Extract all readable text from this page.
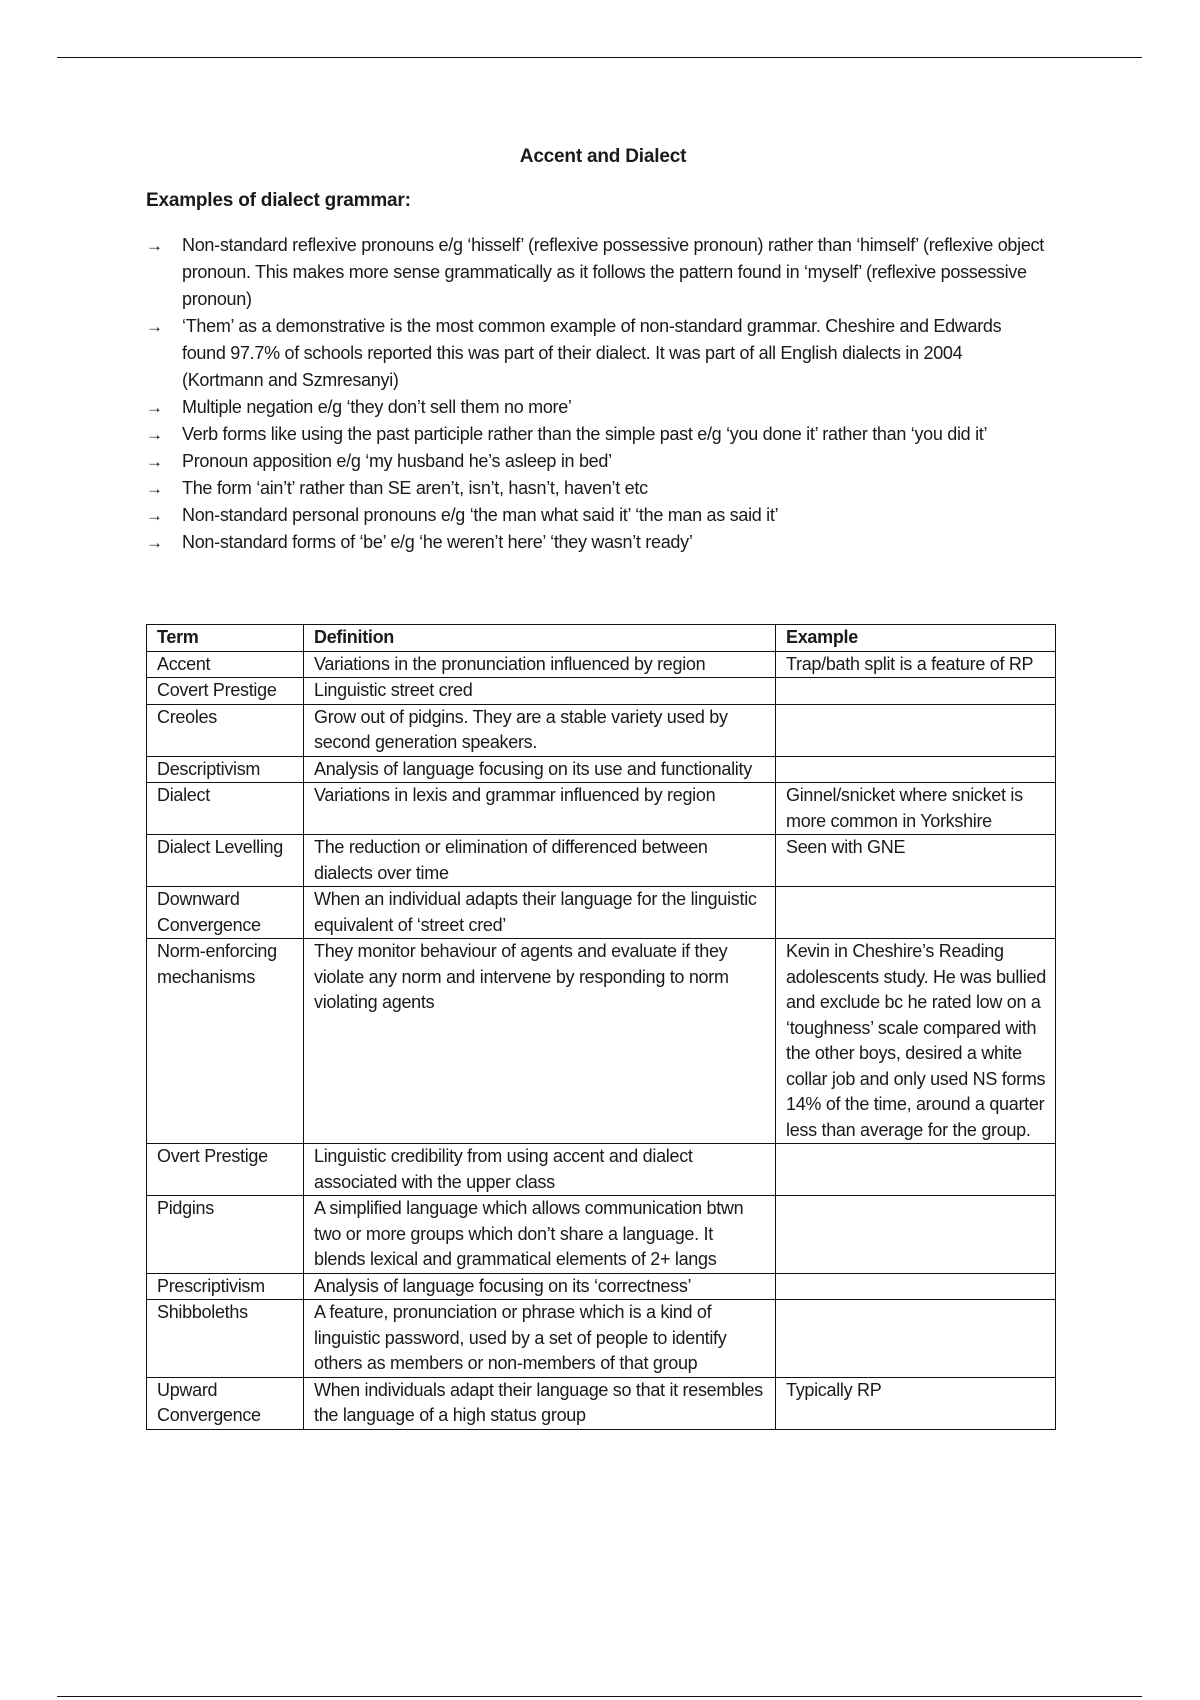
Accent and Dialect
Examples of dialect grammar:
→ Non-standard reflexive pronouns e/g ‘hisself’ (reflexive possessive pronoun) rather than ‘himself’ (reflexive object pronoun. This makes more sense grammatically as it follows the pattern found in ‘myself’ (reflexive possessive pronoun)
→ ‘Them’ as a demonstrative is the most common example of non-standard grammar. Cheshire and Edwards found 97.7% of schools reported this was part of their dialect. It was part of all English dialects in 2004 (Kortmann and Szmresanyi)
→ Multiple negation e/g ‘they don’t sell them no more’
→ Verb forms like using the past participle rather than the simple past e/g ‘you done it’ rather than ‘you did it’
→ Pronoun apposition e/g ‘my husband he’s asleep in bed’
→ The form ‘ain’t’ rather than SE aren’t, isn’t, hasn’t, haven’t etc
→ Non-standard personal pronouns e/g ‘the man what said it’ ‘the man as said it’
→ Non-standard forms of ‘be’ e/g ‘he weren’t here’ ‘they wasn’t ready’
Term	Definition	Example
Accent	Variations in the pronunciation influenced by region	Trap/bath split is a feature of RP
Covert Prestige	Linguistic street cred	
Creoles	Grow out of pidgins. They are a stable variety used by second generation speakers.	
Descriptivism	Analysis of language focusing on its use and functionality	
Dialect	Variations in lexis and grammar influenced by region	Ginnel/snicket where snicket is more common in Yorkshire
Dialect Levelling	The reduction or elimination of differenced between dialects over time	Seen with GNE
Downward Convergence	When an individual adapts their language for the linguistic equivalent of ‘street cred’	
Norm-enforcing mechanisms	They monitor behaviour of agents and evaluate if they violate any norm and intervene by responding to norm violating agents	Kevin in Cheshire’s Reading adolescents study. He was bullied and exclude bc he rated low on a ‘toughness’ scale compared with the other boys, desired a white collar job and only used NS forms 14% of the time, around a quarter less than average for the group.
Overt Prestige	Linguistic credibility from using accent and dialect associated with the upper class	
Pidgins	A simplified language which allows communication btwn two or more groups which don’t share a language. It blends lexical and grammatical elements of 2+ langs	
Prescriptivism	Analysis of language focusing on its ‘correctness’	
Shibboleths	A feature, pronunciation or phrase which is a kind of linguistic password, used by a set of people to identify others as members or non-members of that group	
Upward Convergence	When individuals adapt their language so that it resembles the language of a high status group	Typically RP
